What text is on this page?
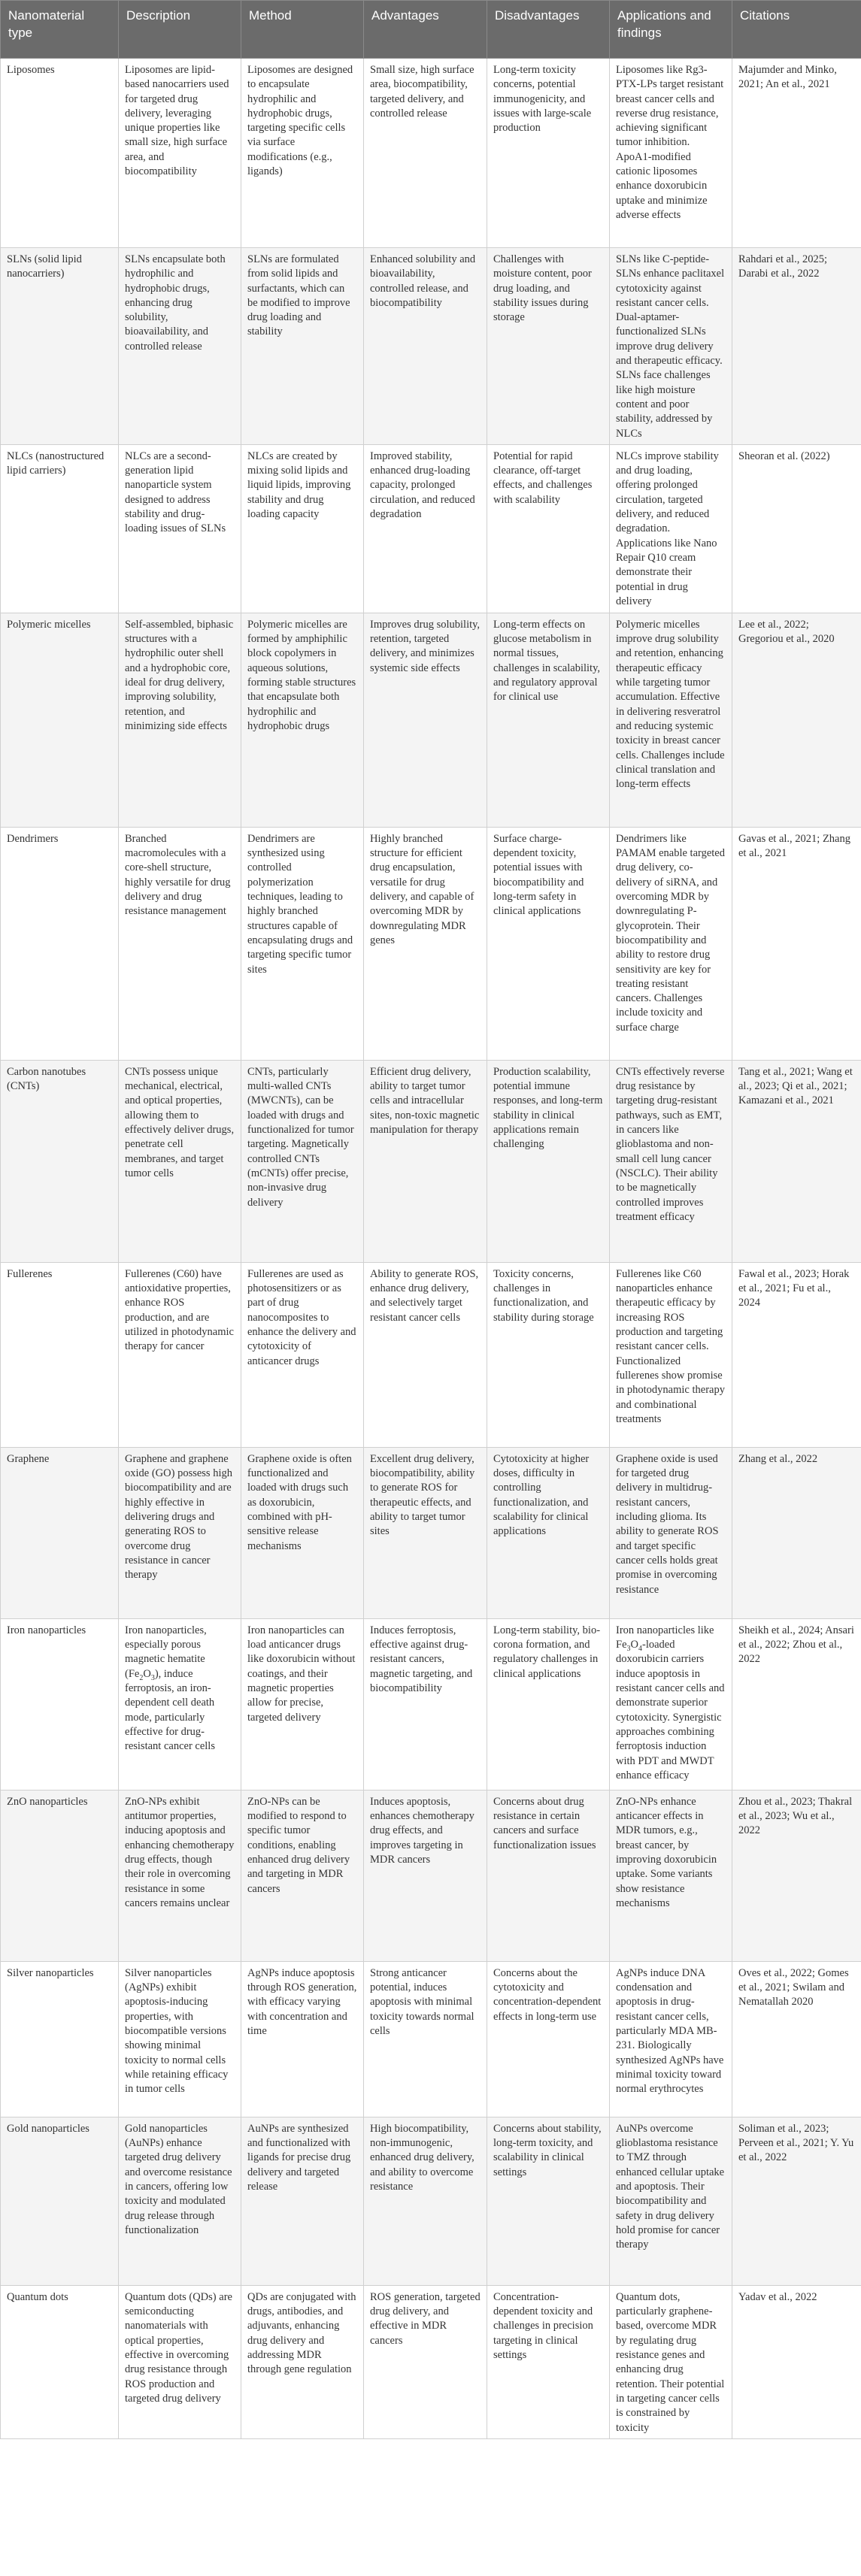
Nanomaterial type	Description	Method	Advantages	Disadvantages	Applications and findings	Citations
Liposomes	Liposomes are lipid-based nanocarriers used for targeted drug delivery, leveraging unique properties like small size, high surface area, and biocompatibility	Liposomes are designed to encapsulate hydrophilic and hydrophobic drugs, targeting specific cells via surface modifications (e.g., ligands)	Small size, high surface area, biocompatibility, targeted delivery, and controlled release	Long-term toxicity concerns, potential immunogenicity, and issues with large-scale production	Liposomes like Rg3-PTX-LPs target resistant breast cancer cells and reverse drug resistance, achieving significant tumor inhibition. ApoA1-modified cationic liposomes enhance doxorubicin uptake and minimize adverse effects	Majumder and Minko, 2021; An et al., 2021
SLNs (solid lipid nanocarriers)	SLNs encapsulate both hydrophilic and hydrophobic drugs, enhancing drug solubility, bioavailability, and controlled release	SLNs are formulated from solid lipids and surfactants, which can be modified to improve drug loading and stability	Enhanced solubility and bioavailability, controlled release, and biocompatibility	Challenges with moisture content, poor drug loading, and stability issues during storage	SLNs like C-peptide-SLNs enhance paclitaxel cytotoxicity against resistant cancer cells. Dual-aptamer-functionalized SLNs improve drug delivery and therapeutic efficacy. SLNs face challenges like high moisture content and poor stability, addressed by NLCs	Rahdari et al., 2025; Darabi et al., 2022
NLCs (nanostructured lipid carriers)	NLCs are a second-generation lipid nanoparticle system designed to address stability and drug-loading issues of SLNs	NLCs are created by mixing solid lipids and liquid lipids, improving stability and drug loading capacity	Improved stability, enhanced drug-loading capacity, prolonged circulation, and reduced degradation	Potential for rapid clearance, off-target effects, and challenges with scalability	NLCs improve stability and drug loading, offering prolonged circulation, targeted delivery, and reduced degradation. Applications like Nano Repair Q10 cream demonstrate their potential in drug delivery	Sheoran et al. (2022)
Polymeric micelles	Self-assembled, biphasic structures with a hydrophilic outer shell and a hydrophobic core, ideal for drug delivery, improving solubility, retention, and minimizing side effects	Polymeric micelles are formed by amphiphilic block copolymers in aqueous solutions, forming stable structures that encapsulate both hydrophilic and hydrophobic drugs	Improves drug solubility, retention, targeted delivery, and minimizes systemic side effects	Long-term effects on glucose metabolism in normal tissues, challenges in scalability, and regulatory approval for clinical use	Polymeric micelles improve drug solubility and retention, enhancing therapeutic efficacy while targeting tumor accumulation. Effective in delivering resveratrol and reducing systemic toxicity in breast cancer cells. Challenges include clinical translation and long-term effects	Lee et al., 2022; Gregoriou et al., 2020
Dendrimers	Branched macromolecules with a core-shell structure, highly versatile for drug delivery and drug resistance management	Dendrimers are synthesized using controlled polymerization techniques, leading to highly branched structures capable of encapsulating drugs and targeting specific tumor sites	Highly branched structure for efficient drug encapsulation, versatile for drug delivery, and capable of overcoming MDR by downregulating MDR genes	Surface charge-dependent toxicity, potential issues with biocompatibility and long-term safety in clinical applications	Dendrimers like PAMAM enable targeted drug delivery, co-delivery of siRNA, and overcoming MDR by downregulating P-glycoprotein. Their biocompatibility and ability to restore drug sensitivity are key for treating resistant cancers. Challenges include toxicity and surface charge	Gavas et al., 2021; Zhang et al., 2021
Carbon nanotubes (CNTs)	CNTs possess unique mechanical, electrical, and optical properties, allowing them to effectively deliver drugs, penetrate cell membranes, and target tumor cells	CNTs, particularly multi-walled CNTs (MWCNTs), can be loaded with drugs and functionalized for tumor targeting. Magnetically controlled CNTs (mCNTs) offer precise, non-invasive drug delivery	Efficient drug delivery, ability to target tumor cells and intracellular sites, non-toxic magnetic manipulation for therapy	Production scalability, potential immune responses, and long-term stability in clinical applications remain challenging	CNTs effectively reverse drug resistance by targeting drug-resistant pathways, such as EMT, in cancers like glioblastoma and non-small cell lung cancer (NSCLC). Their ability to be magnetically controlled improves treatment efficacy	Tang et al., 2021; Wang et al., 2023; Qi et al., 2021; Kamazani et al., 2021
Fullerenes	Fullerenes (C60) have antioxidative properties, enhance ROS production, and are utilized in photodynamic therapy for cancer	Fullerenes are used as photosensitizers or as part of drug nanocomposites to enhance the delivery and cytotoxicity of anticancer drugs	Ability to generate ROS, enhance drug delivery, and selectively target resistant cancer cells	Toxicity concerns, challenges in functionalization, and stability during storage	Fullerenes like C60 nanoparticles enhance therapeutic efficacy by increasing ROS production and targeting resistant cancer cells. Functionalized fullerenes show promise in photodynamic therapy and combinational treatments	Fawal et al., 2023; Horak et al., 2021; Fu et al., 2024
Graphene	Graphene and graphene oxide (GO) possess high biocompatibility and are highly effective in delivering drugs and generating ROS to overcome drug resistance in cancer therapy	Graphene oxide is often functionalized and loaded with drugs such as doxorubicin, combined with pH-sensitive release mechanisms	Excellent drug delivery, biocompatibility, ability to generate ROS for therapeutic effects, and ability to target tumor sites	Cytotoxicity at higher doses, difficulty in controlling functionalization, and scalability for clinical applications	Graphene oxide is used for targeted drug delivery in multidrug-resistant cancers, including glioma. Its ability to generate ROS and target specific cancer cells holds great promise in overcoming resistance	Zhang et al., 2022
Iron nanoparticles	Iron nanoparticles, especially porous magnetic hematite $(Fe_2O_3)$, induce ferroptosis, an iron-dependent cell death mode, particularly effective for drug-resistant cancer cells	Iron nanoparticles can load anticancer drugs like doxorubicin without coatings, and their magnetic properties allow for precise, targeted delivery	Induces ferroptosis, effective against drug-resistant cancers, magnetic targeting, and biocompatibility	Long-term stability, bio-corona formation, and regulatory challenges in clinical applications	Iron nanoparticles like $Fe_3O_4$-loaded doxorubicin carriers induce apoptosis in resistant cancer cells and demonstrate superior cytotoxicity. Synergistic approaches combining ferroptosis induction with PDT and MWDT enhance efficacy	Sheikh et al., 2024; Ansari et al., 2022; Zhou et al., 2022
ZnO nanoparticles	ZnO-NPs exhibit antitumor properties, inducing apoptosis and enhancing chemotherapy drug effects, though their role in overcoming resistance in some cancers remains unclear	ZnO-NPs can be modified to respond to specific tumor conditions, enabling enhanced drug delivery and targeting in MDR cancers	Induces apoptosis, enhances chemotherapy drug effects, and improves targeting in MDR cancers	Concerns about drug resistance in certain cancers and surface functionalization issues	ZnO-NPs enhance anticancer effects in MDR tumors, e.g., breast cancer, by improving doxorubicin uptake. Some variants show resistance mechanisms	Zhou et al., 2023; Thakral et al., 2023; Wu et al., 2022
Silver nanoparticles	Silver nanoparticles (AgNPs) exhibit apoptosis-inducing properties, with biocompatible versions showing minimal toxicity to normal cells while retaining efficacy in tumor cells	AgNPs induce apoptosis through ROS generation, with efficacy varying with concentration and time	Strong anticancer potential, induces apoptosis with minimal toxicity towards normal cells	Concerns about the cytotoxicity and concentration-dependent effects in long-term use	AgNPs induce DNA condensation and apoptosis in drug-resistant cancer cells, particularly MDA MB-231. Biologically synthesized AgNPs have minimal toxicity toward normal erythrocytes	Oves et al., 2022; Gomes et al., 2021; Swilam and Nematallah 2020
Gold nanoparticles	Gold nanoparticles (AuNPs) enhance targeted drug delivery and overcome resistance in cancers, offering low toxicity and modulated drug release through functionalization	AuNPs are synthesized and functionalized with ligands for precise drug delivery and targeted release	High biocompatibility, non-immunogenic, enhanced drug delivery, and ability to overcome resistance	Concerns about stability, long-term toxicity, and scalability in clinical settings	AuNPs overcome glioblastoma resistance to TMZ through enhanced cellular uptake and apoptosis. Their biocompatibility and safety in drug delivery hold promise for cancer therapy	Soliman et al., 2023; Perveen et al., 2021; Y. Yu et al., 2022
Quantum dots	Quantum dots (QDs) are semiconducting nanomaterials with optical properties, effective in overcoming drug resistance through ROS production and targeted drug delivery	QDs are conjugated with drugs, antibodies, and adjuvants, enhancing drug delivery and addressing MDR through gene regulation	ROS generation, targeted drug delivery, and effective in MDR cancers	Concentration-dependent toxicity and challenges in precision targeting in clinical settings	Quantum dots, particularly graphene-based, overcome MDR by regulating drug resistance genes and enhancing drug retention. Their potential in targeting cancer cells is constrained by toxicity	Yadav et al., 2022
